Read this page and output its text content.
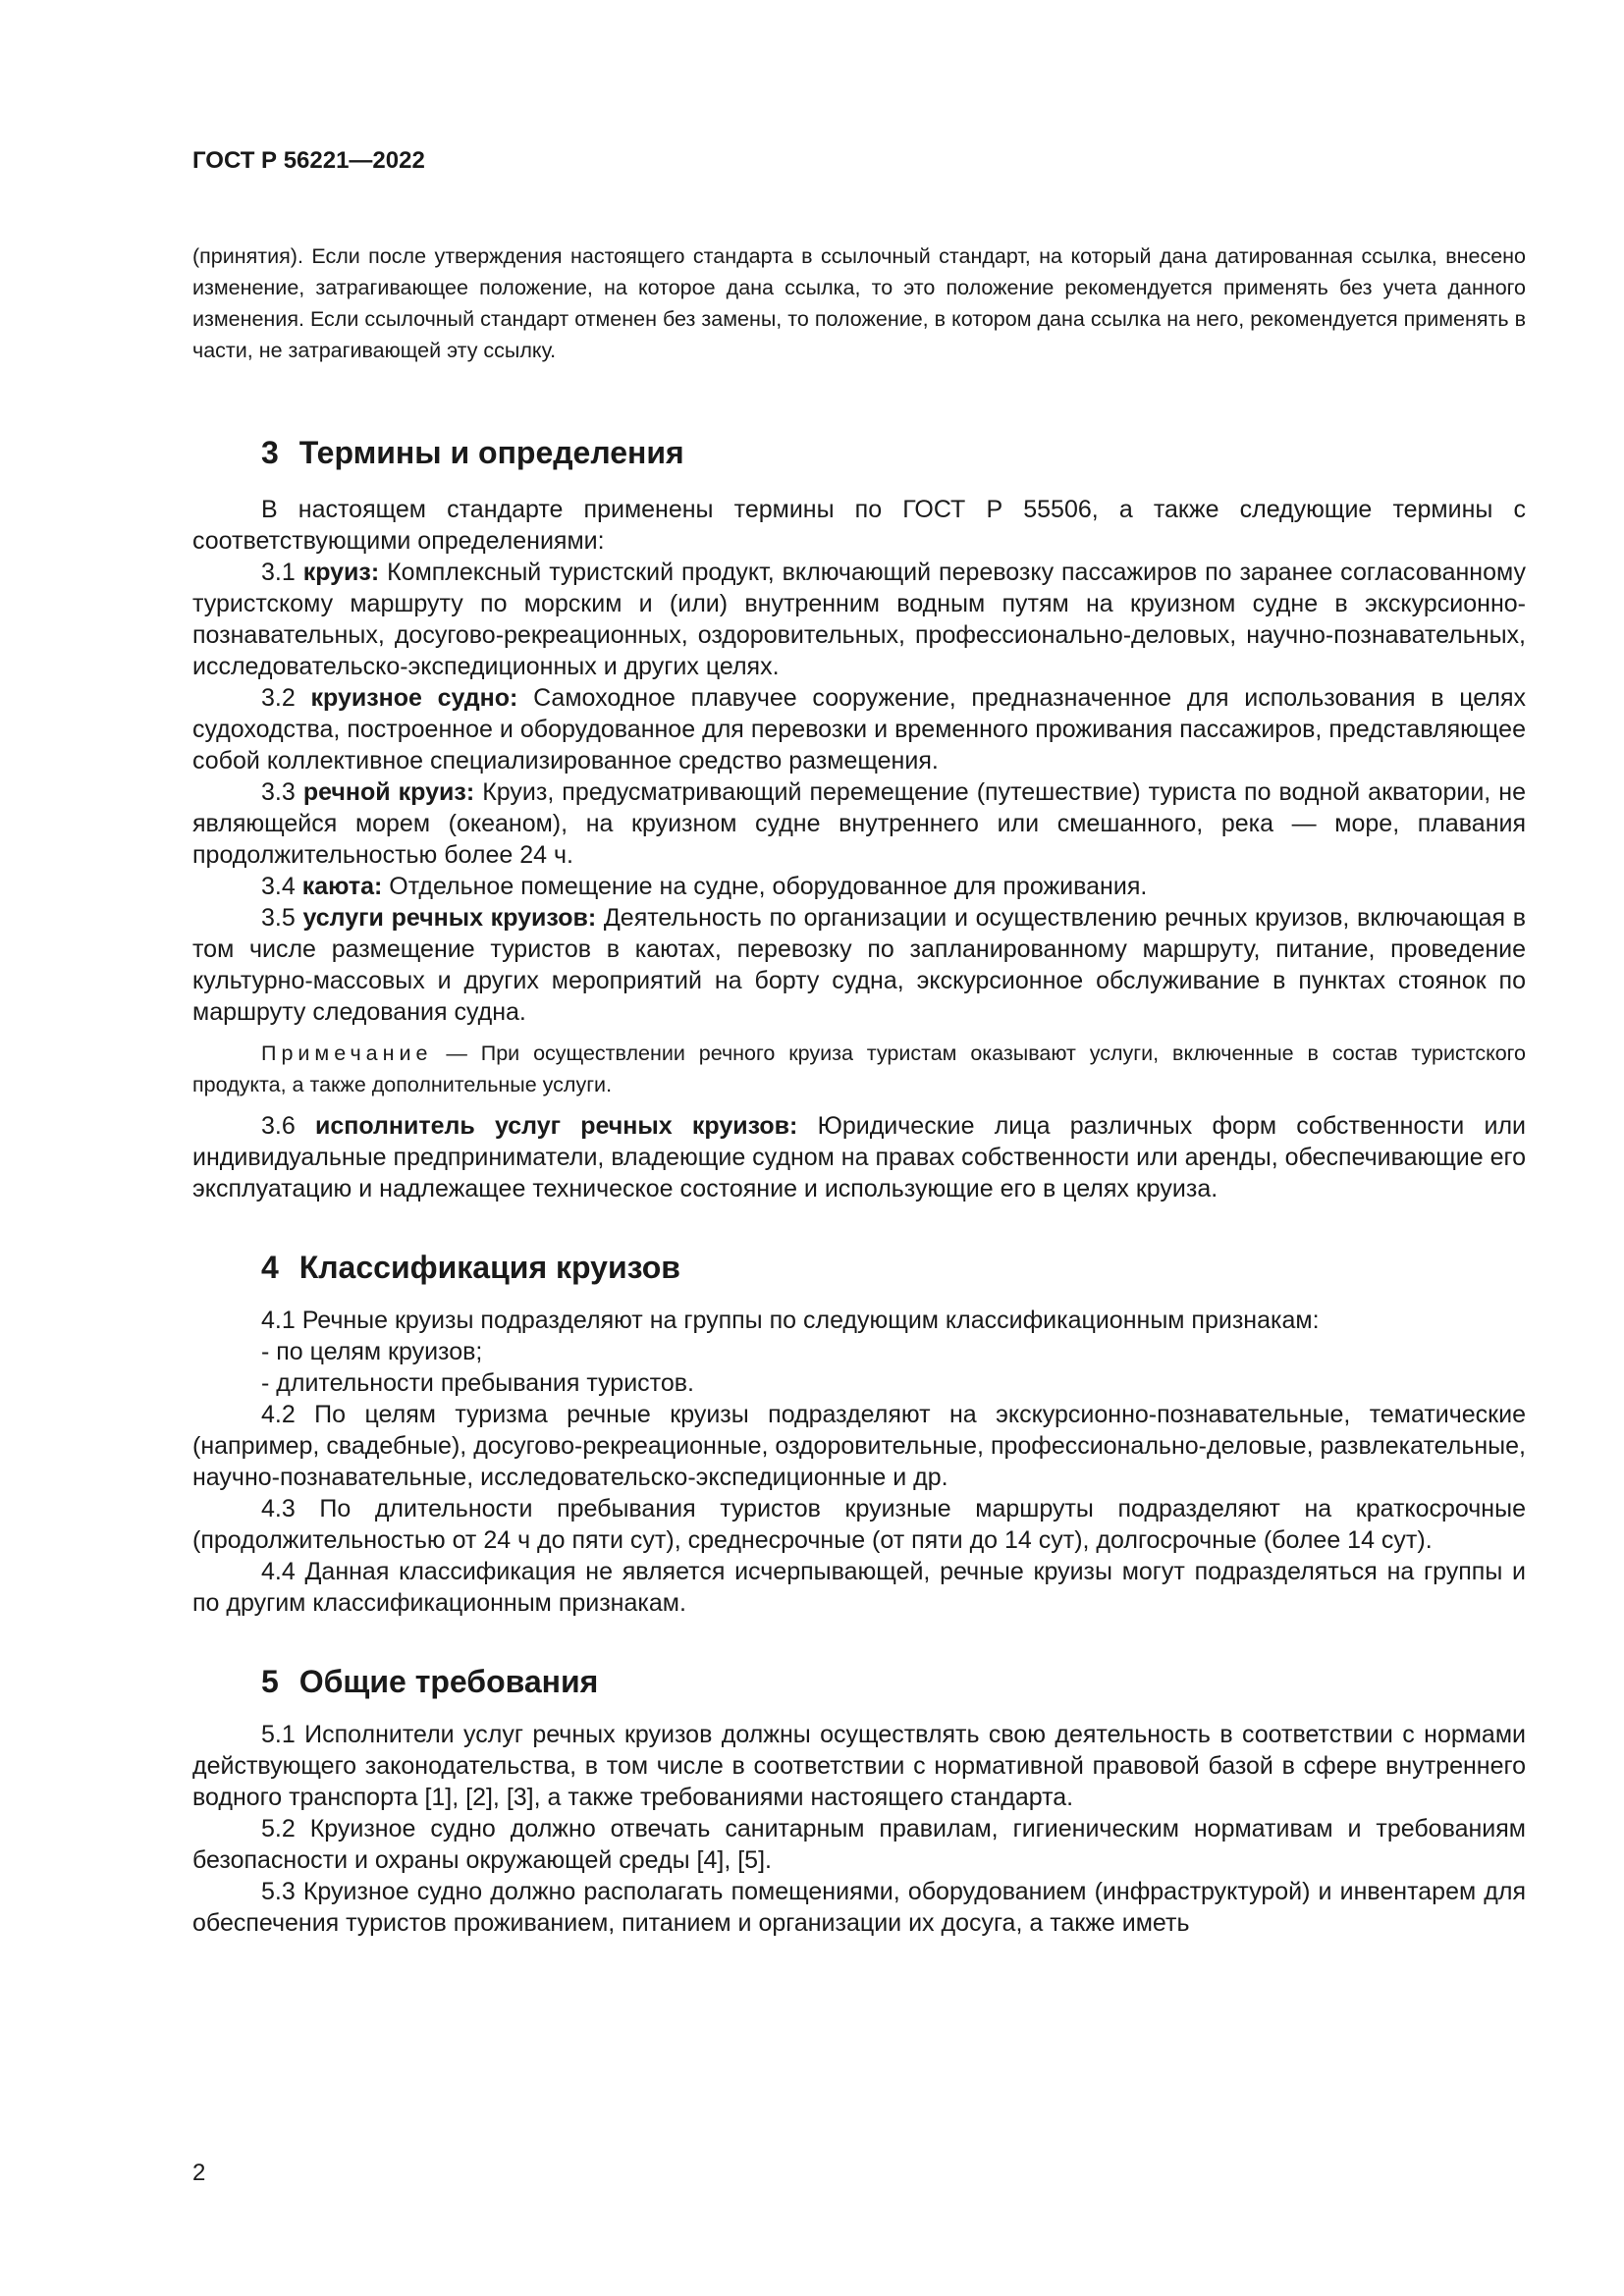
ГОСТ Р 56221—2022

(принятия). Если после утверждения настоящего стандарта в ссылочный стандарт, на который дана датированная ссылка, внесено изменение, затрагивающее положение, на которое дана ссылка, то это положение рекомендуется применять без учета данного изменения. Если ссылочный стандарт отменен без замены, то положение, в котором дана ссылка на него, рекомендуется применять в части, не затрагивающей эту ссылку.

3 Термины и определения

В настоящем стандарте применены термины по ГОСТ Р 55506, а также следующие термины с соответствующими определениями:

3.1 круиз: Комплексный туристский продукт, включающий перевозку пассажиров по заранее согласованному туристскому маршруту по морским и (или) внутренним водным путям на круизном судне в экскурсионно-познавательных, досугово-рекреационных, оздоровительных, профессионально-деловых, научно-познавательных, исследовательско-экспедиционных и других целях.

3.2 круизное судно: Самоходное плавучее сооружение, предназначенное для использования в целях судоходства, построенное и оборудованное для перевозки и временного проживания пассажиров, представляющее собой коллективное специализированное средство размещения.

3.3 речной круиз: Круиз, предусматривающий перемещение (путешествие) туриста по водной акватории, не являющейся морем (океаном), на круизном судне внутреннего или смешанного, река — море, плавания продолжительностью более 24 ч.

3.4 каюта: Отдельное помещение на судне, оборудованное для проживания.

3.5 услуги речных круизов: Деятельность по организации и осуществлению речных круизов, включающая в том числе размещение туристов в каютах, перевозку по запланированному маршруту, питание, проведение культурно-массовых и других мероприятий на борту судна, экскурсионное обслуживание в пунктах стоянок по маршруту следования судна.

Примечание — При осуществлении речного круиза туристам оказывают услуги, включенные в состав туристского продукта, а также дополнительные услуги.

3.6 исполнитель услуг речных круизов: Юридические лица различных форм собственности или индивидуальные предприниматели, владеющие судном на правах собственности или аренды, обеспечивающие его эксплуатацию и надлежащее техническое состояние и использующие его в целях круиза.

4 Классификация круизов

4.1 Речные круизы подразделяют на группы по следующим классификационным признакам:

- по целям круизов;

- длительности пребывания туристов.

4.2 По целям туризма речные круизы подразделяют на экскурсионно-познавательные, тематические (например, свадебные), досугово-рекреационные, оздоровительные, профессионально-деловые, развлекательные, научно-познавательные, исследовательско-экспедиционные и др.

4.3 По длительности пребывания туристов круизные маршруты подразделяют на краткосрочные (продолжительностью от 24 ч до пяти сут), среднесрочные (от пяти до 14 сут), долгосрочные (более 14 сут).

4.4 Данная классификация не является исчерпывающей, речные круизы могут подразделяться на группы и по другим классификационным признакам.

5 Общие требования

5.1 Исполнители услуг речных круизов должны осуществлять свою деятельность в соответствии с нормами действующего законодательства, в том числе в соответствии с нормативной правовой базой в сфере внутреннего водного транспорта [1], [2], [3], а также требованиями настоящего стандарта.

5.2 Круизное судно должно отвечать санитарным правилам, гигиеническим нормативам и требованиям безопасности и охраны окружающей среды [4], [5].

5.3 Круизное судно должно располагать помещениями, оборудованием (инфраструктурой) и инвентарем для обеспечения туристов проживанием, питанием и организации их досуга, а также иметь

2
